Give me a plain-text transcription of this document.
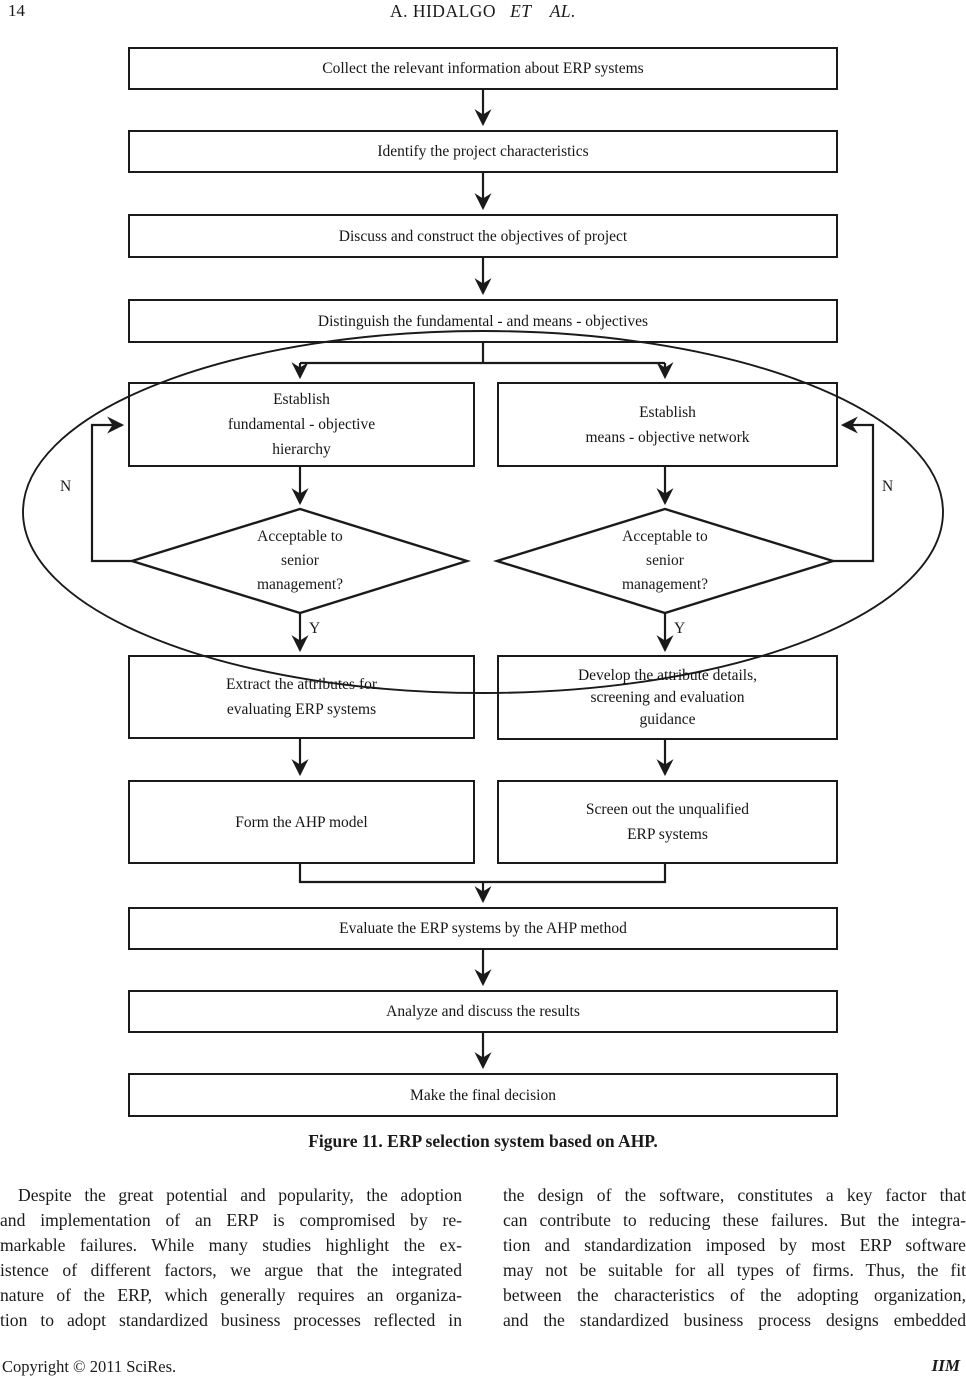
14	A. HIDALGO ET AL.
Collect the relevant information about ERP systems
Identify the project characteristics
Discuss and construct the objectives of project
Distinguish the fundamental - and means - objectives
Establish
fundamental - objective
hierarchy
Establish
means - objective network
Acceptable to
senior
management?
Acceptable to
senior
management?
Extract the attributes for
evaluating ERP systems
Develop the attribute details,
screening and evaluation
guidance
Form the AHP model
Screen out the unqualified
ERP systems
Evaluate the ERP systems by the AHP method
Analyze and discuss the results
Make the final decision
Y	Y
N	N
Figure 11. ERP selection system based on AHP.
Despite the great potential and popularity, the adoption
and implementation of an ERP is compromised by re-
markable failures. While many studies highlight the ex-
istence of different factors, we argue that the integrated
nature of the ERP, which generally requires an organiza-
tion to adopt standardized business processes reflected in
the design of the software, constitutes a key factor that
can contribute to reducing these failures. But the integra-
tion and standardization imposed by most ERP software
may not be suitable for all types of firms. Thus, the fit
between the characteristics of the adopting organization,
and the standardized business process designs embedded
Copyright © 2011 SciRes.	IIM
